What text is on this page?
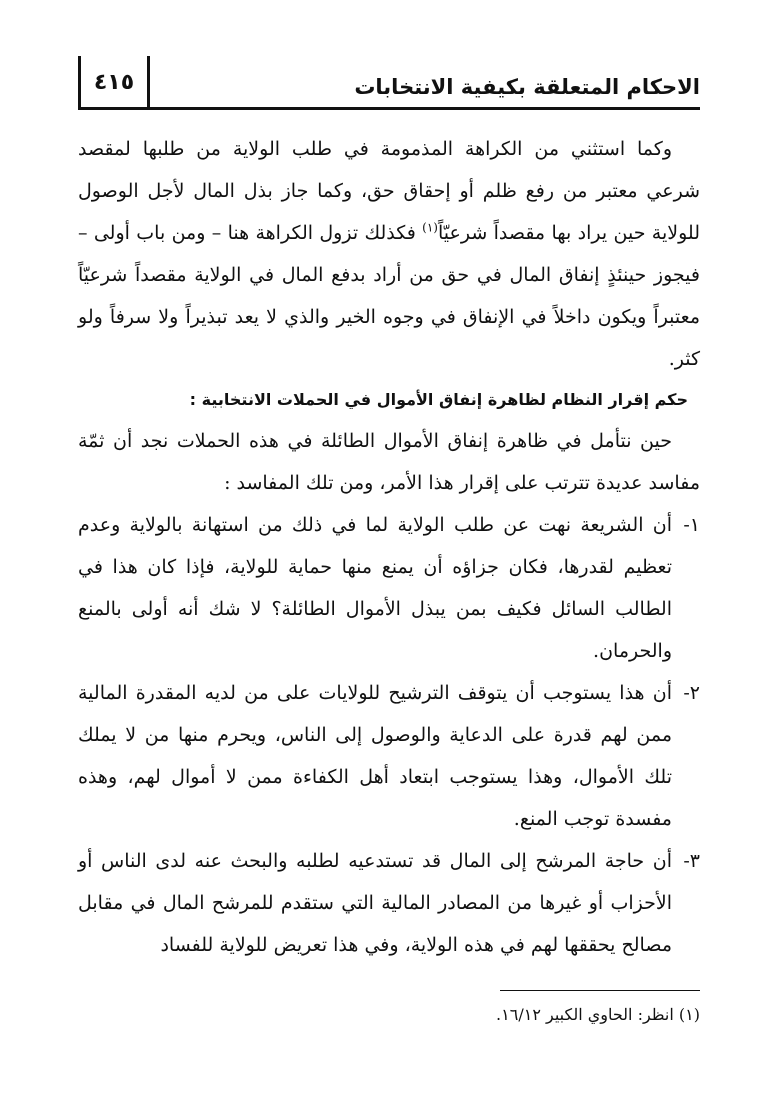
الاحكام المتعلقة بكيفية الانتخابات
٤١٥

وكما استثني من الكراهة المذمومة في طلب الولاية من طلبها لمقصد شرعي معتبر من رفع ظلم أو إحقاق حق، وكما جاز بذل المال لأجل الوصول للولاية حين يراد بها مقصداً شرعيّاً$^{(١)}$ فكذلك تزول الكراهة هنا – ومن باب أولى – فيجوز حينئذٍ إنفاق المال في حق من أراد بدفع المال في الولاية مقصداً شرعيّاً معتبراً ويكون داخلاً في الإنفاق في وجوه الخير والذي لا يعد تبذيراً ولا سرفاً ولو كثر.

حكم إقرار النظام لظاهرة إنفاق الأموال في الحملات الانتخابية :

حين نتأمل في ظاهرة إنفاق الأموال الطائلة في هذه الحملات نجد أن ثمّة مفاسد عديدة تترتب على إقرار هذا الأمر، ومن تلك المفاسد :

١-

أن الشريعة نهت عن طلب الولاية لما في ذلك من استهانة بالولاية وعدم تعظيم لقدرها، فكان جزاؤه أن يمنع منها حماية للولاية، فإذا كان هذا في الطالب السائل فكيف بمن يبذل الأموال الطائلة؟ لا شك أنه أولى بالمنع والحرمان.

٢-

أن هذا يستوجب أن يتوقف الترشيح للولايات على من لديه المقدرة المالية ممن لهم قدرة على الدعاية والوصول إلى الناس، ويحرم منها من لا يملك تلك الأموال، وهذا يستوجب ابتعاد أهل الكفاءة ممن لا أموال لهم، وهذه مفسدة توجب المنع.

٣-

أن حاجة المرشح إلى المال قد تستدعيه لطلبه والبحث عنه لدى الناس أو الأحزاب أو غيرها من المصادر المالية التي ستقدم للمرشح المال في مقابل مصالح يحققها لهم في هذه الولاية، وفي هذا تعريض للولاية للفساد

(١) انظر: الحاوي الكبير ١٦/١٢.
